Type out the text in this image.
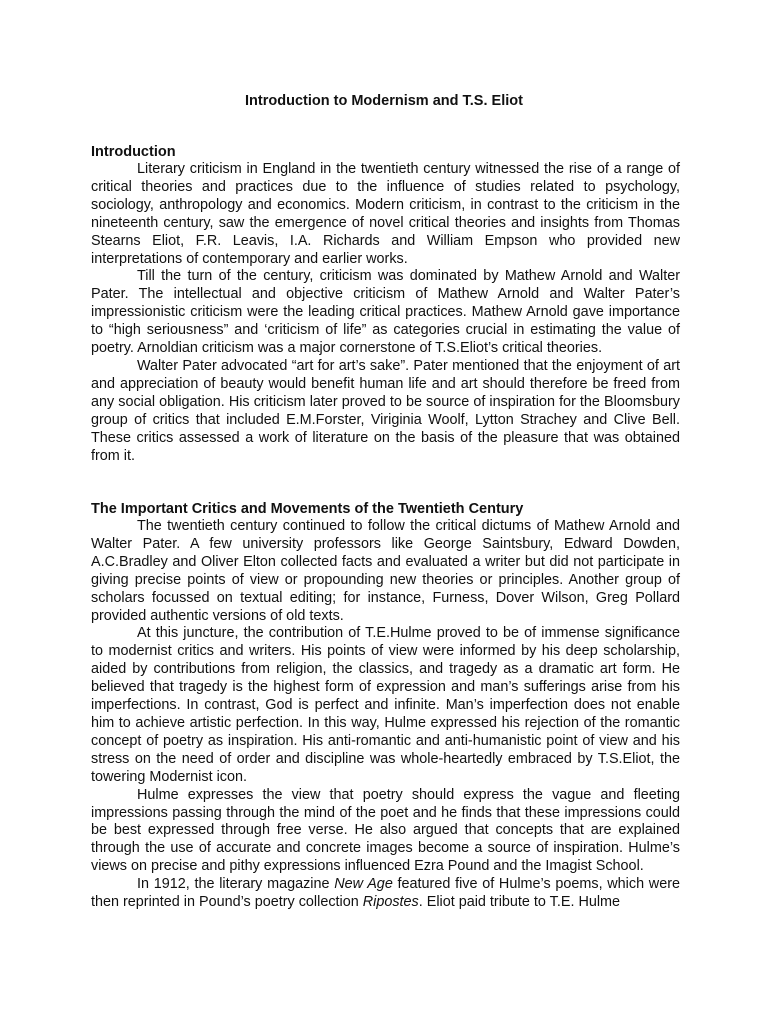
Introduction to Modernism and T.S. Eliot
Introduction

Literary criticism in England in the twentieth century witnessed the rise of a range of critical theories and practices due to the influence of studies related to psychology, sociology, anthropology and economics. Modern criticism, in contrast to the criticism in the nineteenth century, saw the emergence of novel critical theories and insights from Thomas Stearns Eliot, F.R. Leavis, I.A. Richards and William Empson who provided new interpretations of contemporary and earlier works.

Till the turn of the century, criticism was dominated by Mathew Arnold and Walter Pater. The intellectual and objective criticism of Mathew Arnold and Walter Pater’s impressionistic criticism were the leading critical practices. Mathew Arnold gave importance to “high seriousness” and ‘criticism of life” as categories crucial in estimating the value of poetry. Arnoldian criticism was a major cornerstone of T.S.Eliot’s critical theories.

Walter Pater advocated “art for art’s sake”. Pater mentioned that the enjoyment of art and appreciation of beauty would benefit human life and art should therefore be freed from any social obligation. His criticism later proved to be source of inspiration for the Bloomsbury group of critics that included E.M.Forster, Viriginia Woolf, Lytton Strachey and Clive Bell. These critics assessed a work of literature on the basis of the pleasure that was obtained from it.

The Important Critics and Movements of the Twentieth Century

The twentieth century continued to follow the critical dictums of Mathew Arnold and Walter Pater. A few university professors like George Saintsbury, Edward Dowden, A.C.Bradley and Oliver Elton collected facts and evaluated a writer but did not participate in giving precise points of view or propounding new theories or principles. Another group of scholars focussed on textual editing; for instance, Furness, Dover Wilson, Greg Pollard provided authentic versions of old texts.

At this juncture, the contribution of T.E.Hulme proved to be of immense significance to modernist critics and writers. His points of view were informed by his deep scholarship, aided by contributions from religion, the classics, and tragedy as a dramatic art form. He believed that tragedy is the highest form of expression and man’s sufferings arise from his imperfections. In contrast, God is perfect and infinite. Man’s imperfection does not enable him to achieve artistic perfection. In this way, Hulme expressed his rejection of the romantic concept of poetry as inspiration. His anti-romantic and anti-humanistic point of view and his stress on the need of order and discipline was whole-heartedly embraced by T.S.Eliot, the towering Modernist icon.

Hulme expresses the view that poetry should express the vague and fleeting impressions passing through the mind of the poet and he finds that these impressions could be best expressed through free verse. He also argued that concepts that are explained through the use of accurate and concrete images become a source of inspiration. Hulme’s views on precise and pithy expressions influenced Ezra Pound and the Imagist School.

In 1912, the literary magazine New Age featured five of Hulme’s poems, which were then reprinted in Pound’s poetry collection Ripostes. Eliot paid tribute to T.E. Hulme
